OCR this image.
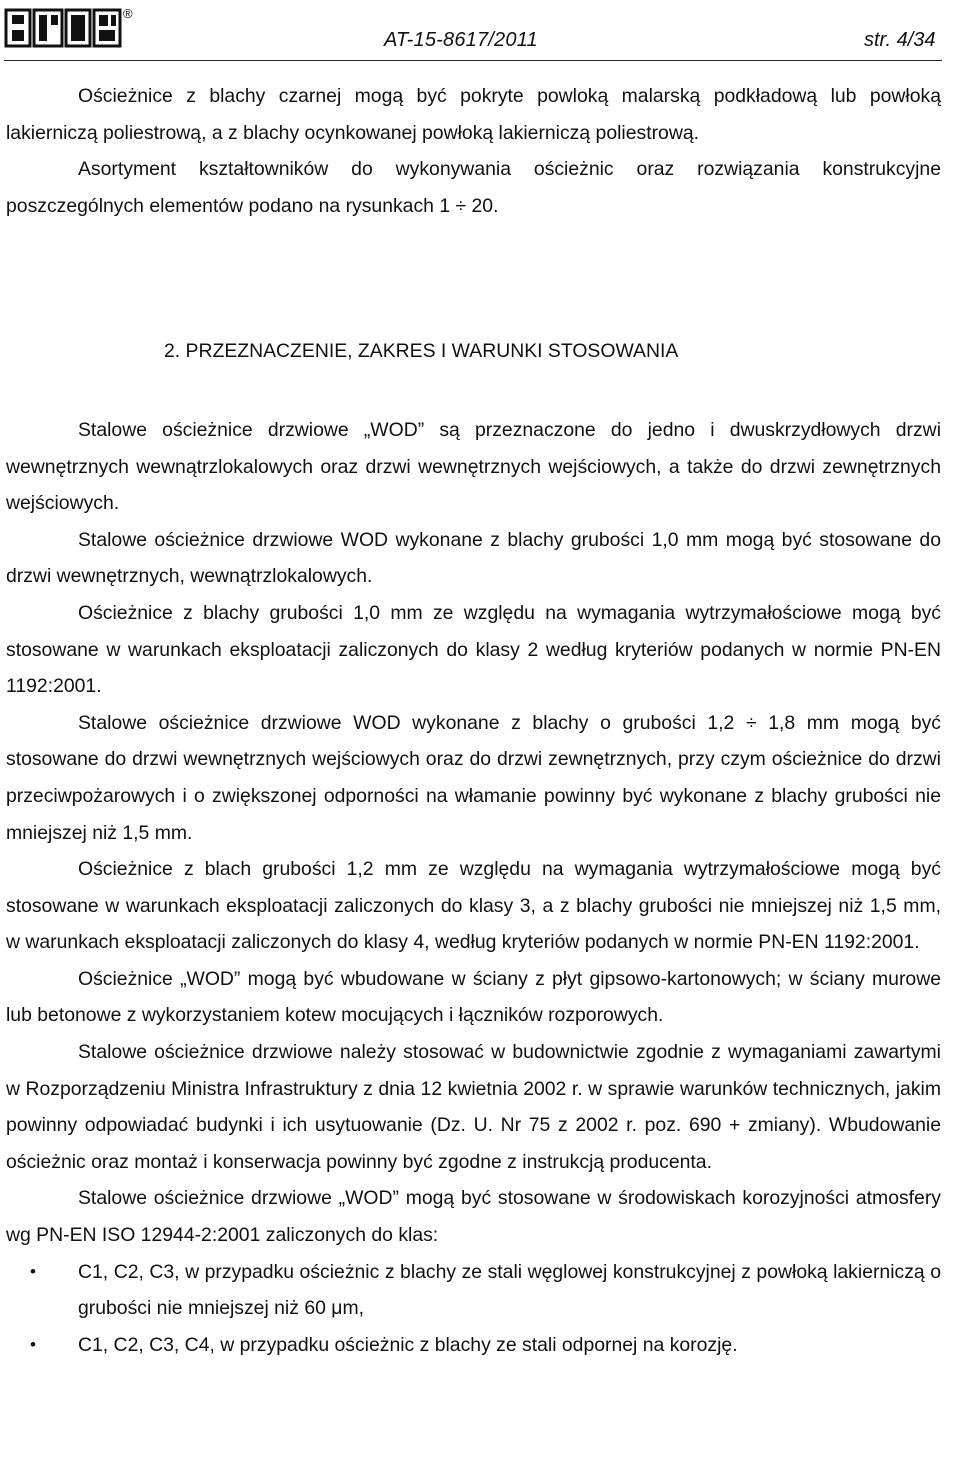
®
AT-15-8617/2011	str. 4/34

Ościeżnice z blachy czarnej mogą być pokryte powloką malarską podkładową lub powłoką lakierniczą poliestrową, a z blachy ocynkowanej powłoką lakierniczą poliestrową.

Asortyment kształtowników do wykonywania ościeżnic oraz rozwiązania konstrukcyjne poszczególnych elementów podano na rysunkach 1 ÷ 20.

2. PRZEZNACZENIE, ZAKRES I WARUNKI STOSOWANIA

Stalowe ościeżnice drzwiowe „WOD” są przeznaczone do jedno i dwuskrzydłowych drzwi wewnętrznych wewnątrzlokalowych oraz drzwi wewnętrznych wejściowych, a także do drzwi zewnętrznych wejściowych.

Stalowe ościeżnice drzwiowe WOD wykonane z blachy grubości 1,0 mm mogą być stosowane do drzwi wewnętrznych, wewnątrzlokalowych.

Ościeżnice z blachy grubości 1,0 mm ze względu na wymagania wytrzymałościowe mogą być stosowane w warunkach eksploatacji zaliczonych do klasy 2 według kryteriów podanych w normie PN-EN 1192:2001.

Stalowe ościeżnice drzwiowe WOD wykonane z blachy o grubości 1,2 ÷ 1,8 mm mogą być stosowane do drzwi wewnętrznych wejściowych oraz do drzwi zewnętrznych, przy czym ościeżnice do drzwi przeciwpożarowych i o zwiększonej odporności na włamanie powinny być wykonane z blachy grubości nie mniejszej niż 1,5 mm.

Ościeżnice z blach grubości 1,2 mm ze względu na wymagania wytrzymałościowe mogą być stosowane w warunkach eksploatacji zaliczonych do klasy 3, a z blachy grubości nie mniejszej niż 1,5 mm, w warunkach eksploatacji zaliczonych do klasy 4, według kryteriów podanych w normie PN-EN 1192:2001.

Ościeżnice „WOD” mogą być wbudowane w ściany z płyt gipsowo-kartonowych; w ściany murowe lub betonowe z wykorzystaniem kotew mocujących i łączników rozporowych.

Stalowe ościeżnice drzwiowe należy stosować w budownictwie zgodnie z wymaganiami zawartymi w Rozporządzeniu Ministra Infrastruktury z dnia 12 kwietnia 2002 r. w sprawie warunków technicznych, jakim powinny odpowiadać budynki i ich usytuowanie (Dz. U. Nr 75 z 2002 r. poz. 690 + zmiany). Wbudowanie ościeżnic oraz montaż i konserwacja powinny być zgodne z instrukcją producenta.

Stalowe ościeżnice drzwiowe „WOD” mogą być stosowane w środowiskach korozyjności atmosfery wg PN-EN ISO 12944-2:2001 zaliczonych do klas:

• C1, C2, C3, w przypadku ościeżnic z blachy ze stali węglowej konstrukcyjnej z powłoką lakierniczą o grubości nie mniejszej niż 60 μm,
• C1, C2, C3, C4, w przypadku ościeżnic z blachy ze stali odpornej na korozję.
